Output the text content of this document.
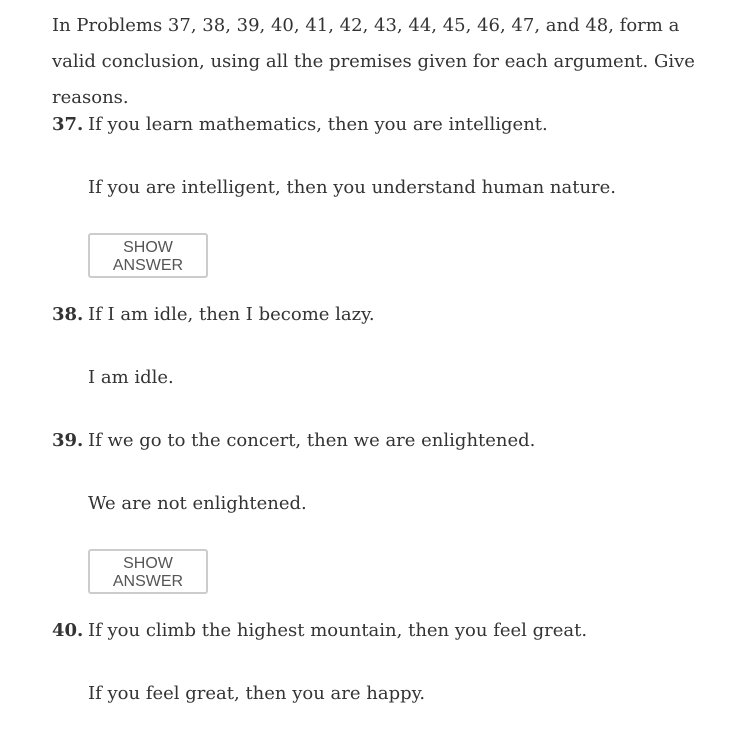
In Problems 37, 38, 39, 40, 41, 42, 43, 44, 45, 46, 47, and 48, form a valid conclusion, using all the premises given for each argument. Give reasons.

37. If you learn mathematics, then you are intelligent.
If you are intelligent, then you understand human nature.
SHOW ANSWER
38. If I am idle, then I become lazy.
I am idle.
39. If we go to the concert, then we are enlightened.
We are not enlightened.
SHOW ANSWER
40. If you climb the highest mountain, then you feel great.
If you feel great, then you are happy.
